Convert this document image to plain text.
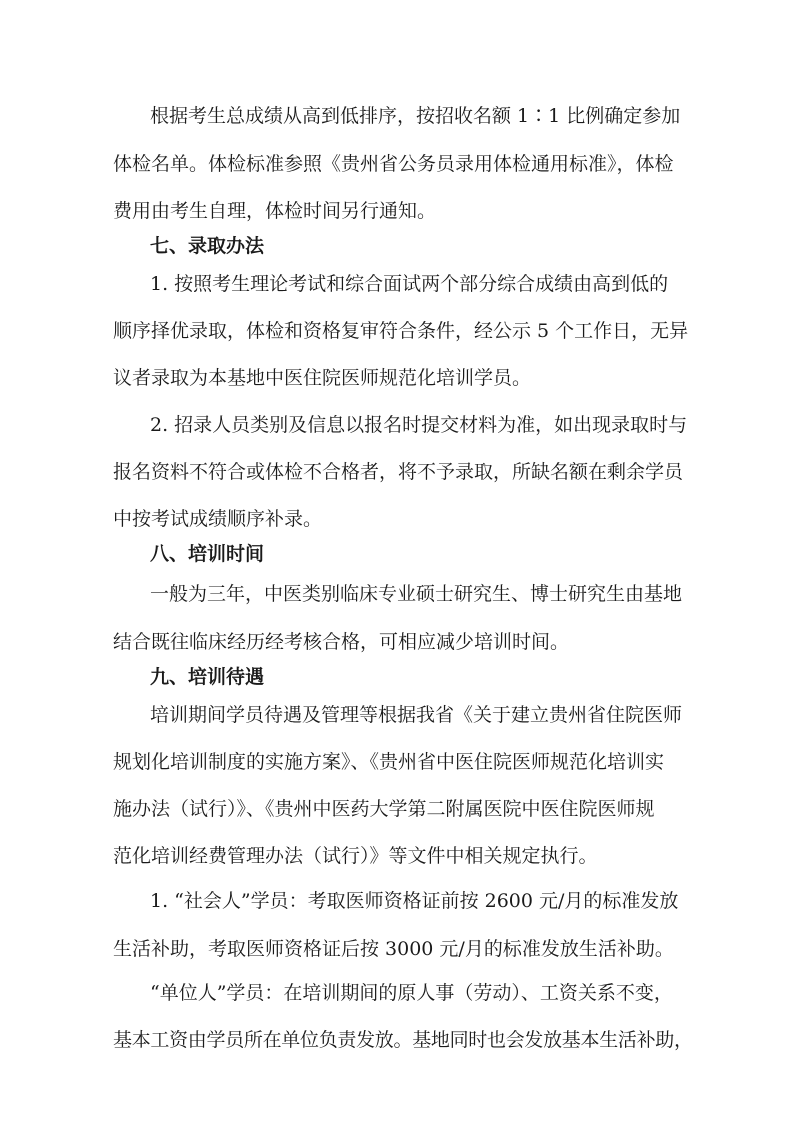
根据考生总成绩从高到低排序，按招收名额 1∶1 比例确定参加
体检名单。体检标准参照《贵州省公务员录用体检通用标准》，体检
费用由考生自理，体检时间另行通知。
七、录取办法
1. 按照考生理论考试和综合面试两个部分综合成绩由高到低的
顺序择优录取，体检和资格复审符合条件，经公示 5 个工作日，无异
议者录取为本基地中医住院医师规范化培训学员。
2. 招录人员类别及信息以报名时提交材料为准，如出现录取时与
报名资料不符合或体检不合格者，将不予录取，所缺名额在剩余学员
中按考试成绩顺序补录。
八、培训时间
一般为三年，中医类别临床专业硕士研究生、博士研究生由基地
结合既往临床经历经考核合格，可相应减少培训时间。
九、培训待遇
培训期间学员待遇及管理等根据我省《关于建立贵州省住院医师
规划化培训制度的实施方案》、《贵州省中医住院医师规范化培训实
施办法（试行）》、《贵州中医药大学第二附属医院中医住院医师规
范化培训经费管理办法（试行）》等文件中相关规定执行。
1. “社会人”学员：考取医师资格证前按 2600 元/月的标准发放
生活补助，考取医师资格证后按 3000 元/月的标准发放生活补助。
“单位人”学员：在培训期间的原人事（劳动）、工资关系不变，
基本工资由学员所在单位负责发放。基地同时也会发放基本生活补助，
